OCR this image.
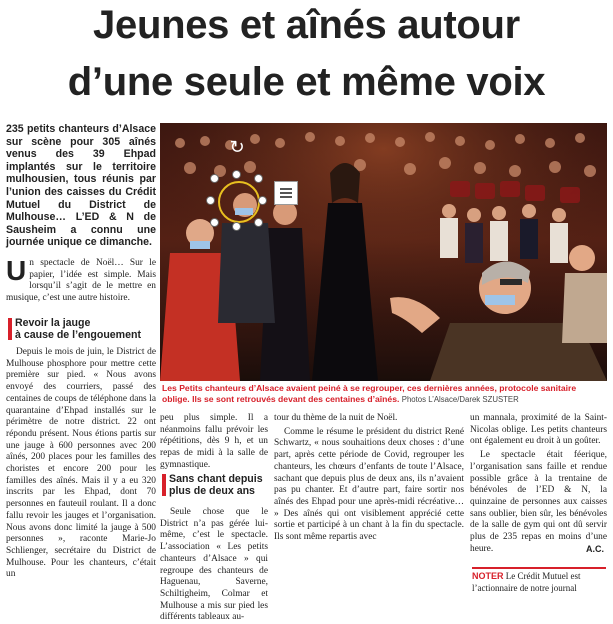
Jeunes et aînés autour
d’une seule et même voix
235 petits chanteurs d’Alsace sur scène pour 305 aînés venus des 39 Ehpad implantés sur le territoire mulhousien, tous réunis par l’union des caisses du Crédit Mutuel du District de Mulhouse… L’ED & N de Sausheim a connu une journée unique ce dimanche.
Un spectacle de Noël… Sur le papier, l’idée est simple. Mais lorsqu’il s’agit de le mettre en musique, c’est une autre histoire.
Revoir la jauge
à cause de l’engouement

Depuis le mois de juin, le District de Mulhouse phosphore pour mettre cette première sur pied. « Nous avons envoyé des courriers, passé des centaines de coups de téléphone dans la quarantaine d’Ehpad installés sur le périmètre de notre district. 22 ont répondu présent. Nous étions partis sur une jauge à 600 personnes avec 200 aînés, 200 places pour les familles des choristes et encore 200 pour les familles des aînés. Mais il y a eu 320 inscrits par les Ehpad, dont 70 personnes en fauteuil roulant. Il a donc fallu revoir les jauges et l’organisation. Nous avons donc limité la jauge à 500 personnes », raconte Marie-Jo Schlienger, secrétaire du District de Mulhouse. Pour les chanteurs, c’était un

↻
Les Petits chanteurs d’Alsace avaient peiné à se regrouper, ces dernières années, protocole sanitaire oblige. Ils se sont retrouvés devant des centaines d’aînés. Photos L’Alsace/Darek SZUSTER

peu plus simple. Il a néanmoins fallu prévoir les répétitions, dès 9 h, et un repas de midi à la salle de gymnastique.

Sans chant depuis
plus de deux ans

Seule chose que le District n’a pas gérée lui-même, c’est le spectacle. L’association « Les petits chanteurs d’Alsace » qui regroupe des chanteurs de Haguenau, Saverne, Schiltigheim, Colmar et Mulhouse a mis sur pied les différents tableaux au-

tour du thème de la nuit de Noël.

Comme le résume le président du district René Schwartz, « nous souhaitions deux choses : d’une part, après cette période de Covid, regrouper les chanteurs, les chœurs d’enfants de toute l’Alsace, sachant que depuis plus de deux ans, ils n’avaient pas pu chanter. Et d’autre part, faire sortir nos aînés des Ehpad pour une après-midi récréative… » Des aînés qui ont visiblement apprécié cette sortie et participé à un chant à la fin du spectacle. Ils sont même repartis avec

un mannala, proximité de la Saint-Nicolas oblige. Les petits chanteurs ont également eu droit à un goûter.

Le spectacle était féerique, l’organisation sans faille et rendue possible grâce à la trentaine de bénévoles de l’ED & N, la quinzaine de personnes aux caisses sans oublier, bien sûr, les bénévoles de la salle de gym qui ont dû servir plus de 235 repas en moins d’une heure.	A.C.
NOTER Le Crédit Mutuel est l’actionnaire de notre journal
